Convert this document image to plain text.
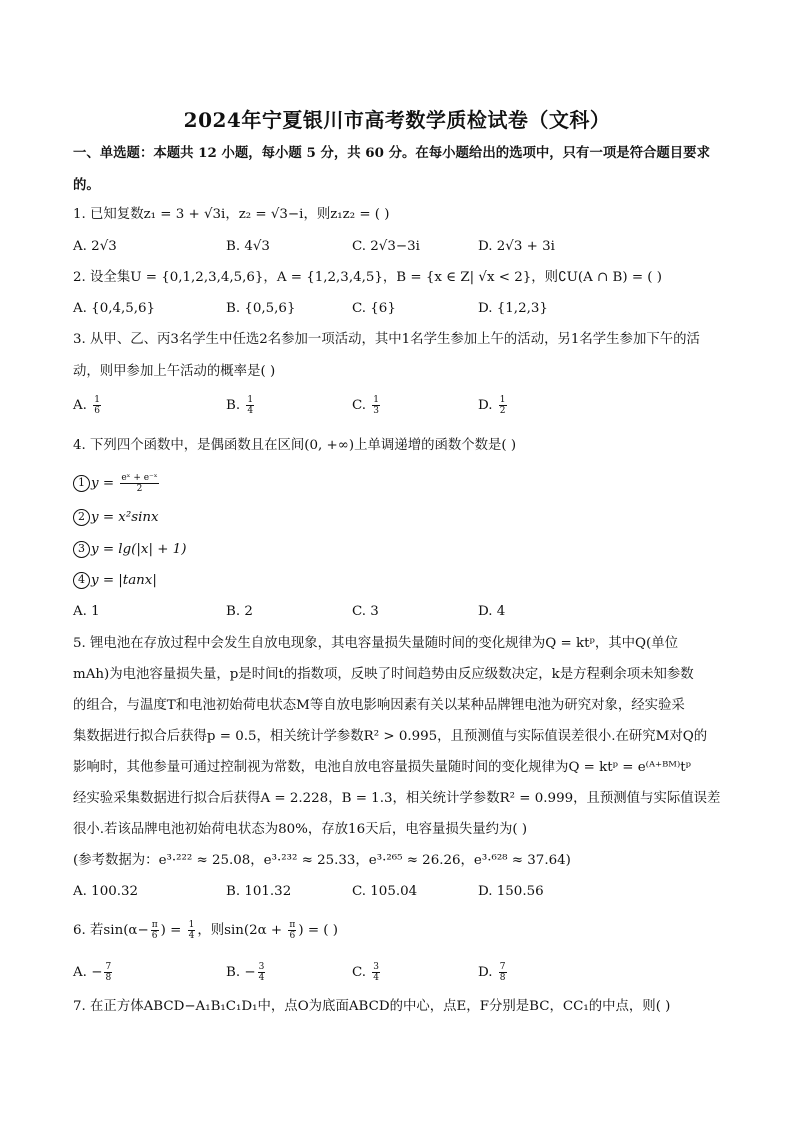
2024年宁夏银川市高考数学质检试卷（文科）
一、单选题：本题共 12 小题，每小题 5 分，共 60 分。在每小题给出的选项中，只有一项是符合题目要求
的。
1. 已知复数z₁ = 3 + √3i，z₂ = √3−i，则z₁z₂ = ( )
A. 2√3	B. 4√3	C. 2√3−3i	D. 2√3 + 3i
2. 设全集U = {0,1,2,3,4,5,6}，A = {1,2,3,4,5}，B = {x ∈ Z| √x < 2}，则∁U(A ∩ B) = ( )
A. {0,4,5,6}	B. {0,5,6}	C. {6}	D. {1,2,3}
3. 从甲、乙、丙3名学生中任选2名参加一项活动，其中1名学生参加上午的活动，另1名学生参加下午的活
动，则甲参加上午活动的概率是( )
A. $\frac{1}{6}$	B. $\frac{1}{4}$	C. $\frac{1}{3}$	D. $\frac{1}{2}$
4. 下列四个函数中，是偶函数且在区间(0, +∞)上单调递增的函数个数是( )
1 $y = \frac{\text{eˣ + e⁻ˣ}}{2}$
2 y = x²sinx
3 y = lg(|x| + 1)
4 y = |tanx|
A. 1	B. 2	C. 3	D. 4
5. 锂电池在存放过程中会发生自放电现象，其电容量损失量随时间的变化规律为Q = ktᵖ，其中Q(单位
mAh)为电池容量损失量，p是时间t的指数项，反映了时间趋势由反应级数决定，k是方程剩余项未知参数
的组合，与温度T和电池初始荷电状态M等自放电影响因素有关以某种品牌锂电池为研究对象，经实验采
集数据进行拟合后获得p = 0.5，相关统计学参数R² > 0.995，且预测值与实际值误差很小.在研究M对Q的
影响时，其他参量可通过控制视为常数，电池自放电容量损失量随时间的变化规律为Q = ktᵖ = e⁽ᴬ⁺ᴮᴹ⁾tᵖ
经实验采集数据进行拟合后获得A = 2.228，B = 1.3，相关统计学参数R² = 0.999，且预测值与实际值误差
很小.若该品牌电池初始荷电状态为80%，存放16天后，电容量损失量约为( )
(参考数据为：e³·²²² ≈ 25.08，e³·²³² ≈ 25.33，e³·²⁶⁵ ≈ 26.26，e³·⁶²⁸ ≈ 37.64)
A. 100.32	B. 101.32	C. 105.04	D. 150.56
6. 若$\sin(\alpha- \frac{\pi}{6}$ ) = $\frac{1}{4}$ ，则$\sin(2\alpha + \frac{\pi}{6}$ ) = ( )
A. − $\frac{7}{8}$	B. − $\frac{3}{4}$	C. $\frac{3}{4}$	D. $\frac{7}{8}$
7. 在正方体ABCD−A₁B₁C₁D₁中，点O为底面ABCD的中心，点E，F分别是BC，CC₁的中点，则( )
